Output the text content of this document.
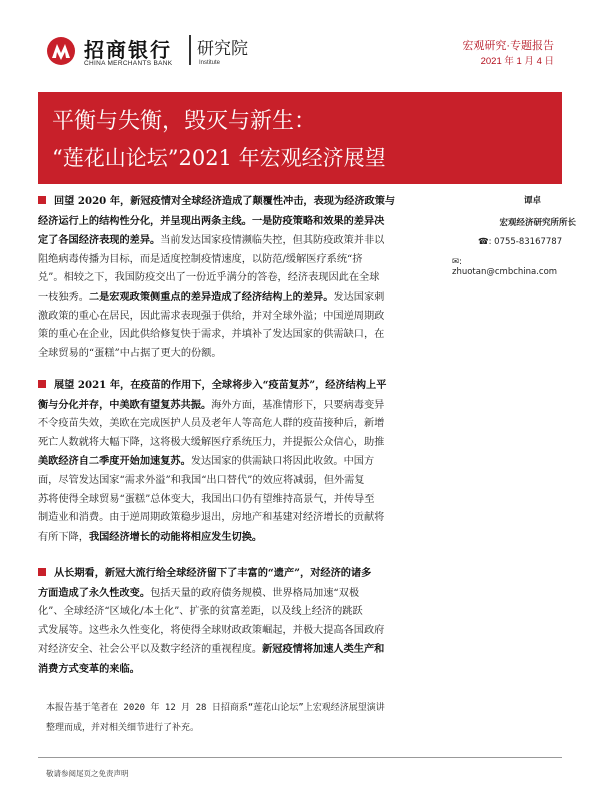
招商银行
CHINA MERCHANTS BANK
研究院
Institute
宏观研究·专题报告
2021 年 1 月 4 日
平衡与失衡，毁灭与新生：
“莲花山论坛”2021 年宏观经济展望
回望 2020 年，新冠疫情对全球经济造成了颠覆性冲击，表现为经济政策与
经济运行上的结构性分化，并呈现出两条主线。一是防疫策略和效果的差异决
定了各国经济表现的差异。当前发达国家疫情濒临失控，但其防疫政策并非以
阻绝病毒传播为目标，而是适度控制疫情速度，以防范/缓解医疗系统“挤
兑”。相较之下，我国防疫交出了一份近乎满分的答卷，经济表现因此在全球
一枝独秀。二是宏观政策侧重点的差异造成了经济结构上的差异。发达国家刺
激政策的重心在居民，因此需求表现强于供给，并对全球外溢；中国逆周期政
策的重心在企业，因此供给修复快于需求，并填补了发达国家的供需缺口，在
全球贸易的“蛋糕”中占据了更大的份额。
展望 2021 年，在疫苗的作用下，全球将步入“疫苗复苏”，经济结构上平
衡与分化并存，中美欧有望复苏共振。海外方面，基准情形下，只要病毒变异
不令疫苗失效，美欧在完成医护人员及老年人等高危人群的疫苗接种后，新增
死亡人数就将大幅下降，这将极大缓解医疗系统压力，并提振公众信心，助推
美欧经济自二季度开始加速复苏。发达国家的供需缺口将因此收敛。中国方
面，尽管发达国家“需求外溢”和我国“出口替代”的效应将减弱，但外需复
苏将使得全球贸易“蛋糕”总体变大，我国出口仍有望维持高景气，并传导至
制造业和消费。由于逆周期政策稳步退出，房地产和基建对经济增长的贡献将
有所下降，我国经济增长的动能将相应发生切换。
从长期看，新冠大流行给全球经济留下了丰富的“遗产”，对经济的诸多
方面造成了永久性改变。包括天量的政府债务规模、世界格局加速“双极
化”、全球经济“区域化/本土化”、扩张的贫富差距，以及线上经济的跳跃
式发展等。这些永久性变化，将使得全球财政政策崛起，并极大提高各国政府
对经济安全、社会公平以及数字经济的重视程度。新冠疫情将加速人类生产和
消费方式变革的来临。
谭卓
宏观经济研究所所长
☎: 0755-83167787
✉: zhuotan@cmbchina.com
本报告基于笔者在 2020 年 12 月 28 日招商系“莲花山论坛”上宏观经济展望演讲
整理而成，并对相关细节进行了补充。
敬请参阅尾页之免责声明
